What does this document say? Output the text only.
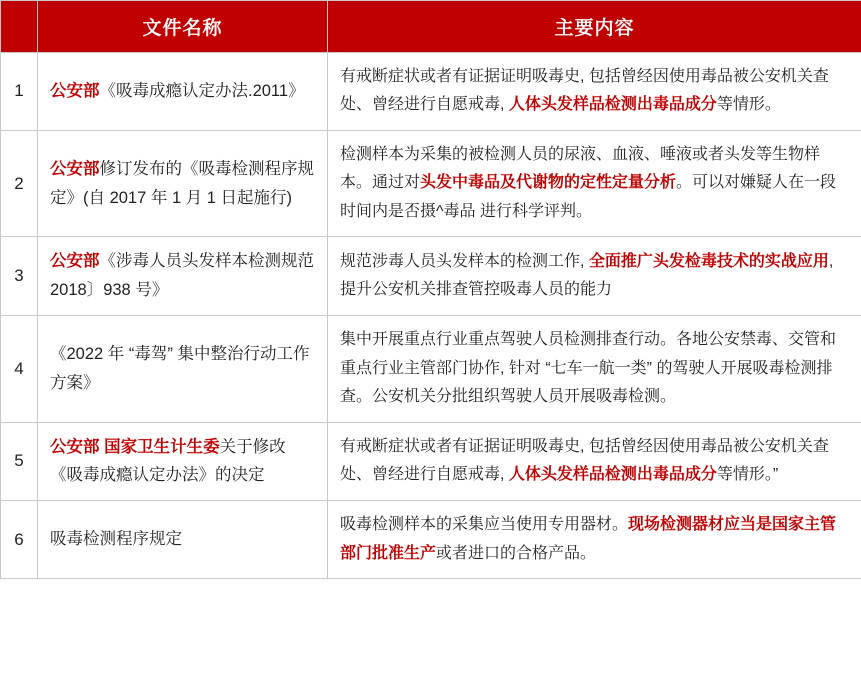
	文件名称	主要内容
1	公安部《吸毒成瘾认定办法.2011》	有戒断症状或者有证据证明吸毒史, 包括曾经因使用毒品被公安机关查处、曾经进行自愿戒毒, 人体头发样品检测出毒品成分等情形。
2	公安部修订发布的《吸毒检测程序规定》(自 2017 年 1 月 1 日起施行)	检测样本为采集的被检测人员的尿液、血液、唾液或者头发等生物样本。通过对头发中毒品及代谢物的定性定量分析。可以对嫌疑人在一段时间内是否摄^毒品 进行科学评判。
3	公安部《涉毒人员头发样本检测规范 2018〕938 号》	规范涉毒人员头发样本的检测工作, 全面推广头发检毒技术的实战应用, 提升公安机关排查管控吸毒人员的能力
4	《2022 年 “毒驾” 集中整治行动工作方案》	集中开展重点行业重点驾驶人员检测排查行动。各地公安禁毒、交管和重点行业主管部门协作, 针对 “七车一航一类” 的驾驶人开展吸毒检测排查。公安机关分批组织驾驶人员开展吸毒检测。
5	公安部 国家卫生计生委关于修改《吸毒成瘾认定办法》的决定	有戒断症状或者有证据证明吸毒史, 包括曾经因使用毒品被公安机关查处、曾经进行自愿戒毒, 人体头发样品检测出毒品成分等情形。”
6	吸毒检测程序规定	吸毒检测样本的采集应当使用专用器材。现场检测器材应当是国家主管部门批准生产或者进口的合格产品。
